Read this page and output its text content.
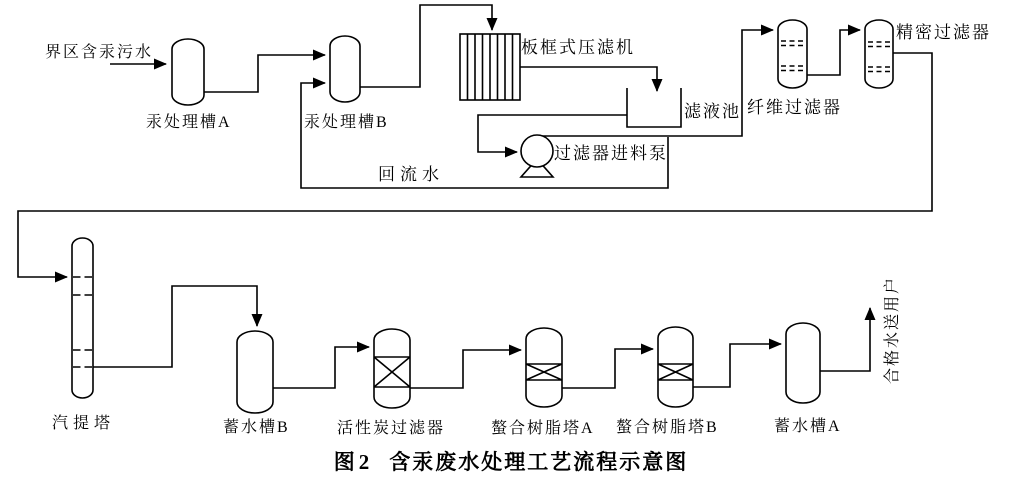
界区含汞污水
汞处理槽A	汞处理槽B
板框式压滤机
滤液池
过滤器进料泵
回流水
纤维过滤器
精密过滤器
汽提塔	蓄水槽B	活性炭过滤器	螯合树脂塔A 螯合树脂塔B	蓄水槽A
合格水送用户
图2 含汞废水处理工艺流程示意图
